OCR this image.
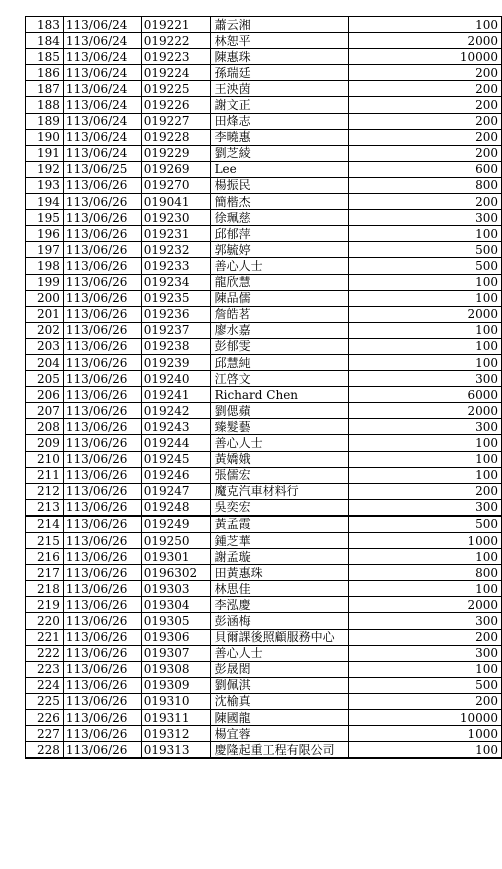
183	113/06/24	019221	蕭云湘	100
184	113/06/24	019222	林恕平	2000
185	113/06/24	019223	陳惠珠	10000
186	113/06/24	019224	孫瑞廷	200
187	113/06/24	019225	王泱茵	200
188	113/06/24	019226	謝文正	200
189	113/06/24	019227	田烽志	200
190	113/06/24	019228	李曉惠	200
191	113/06/24	019229	劉芝綾	200
192	113/06/25	019269	Lee	600
193	113/06/26	019270	楊振民	800
194	113/06/26	019041	簡楷杰	200
195	113/06/26	019230	徐珮慈	300
196	113/06/26	019231	邱郁萍	100
197	113/06/26	019232	郭毓婷	500
198	113/06/26	019233	善心人士	500
199	113/06/26	019234	龍欣慧	100
200	113/06/26	019235	陳品儒	100
201	113/06/26	019236	詹皓茗	2000
202	113/06/26	019237	廖水嘉	100
203	113/06/26	019238	彭郁雯	100
204	113/06/26	019239	邱慧純	100
205	113/06/26	019240	江啓文	300
206	113/06/26	019241	Richard Chen	6000
207	113/06/26	019242	劉偲蘋	2000
208	113/06/26	019243	臻髮藝	300
209	113/06/26	019244	善心人士	100
210	113/06/26	019245	黃嬌娥	100
211	113/06/26	019246	張儒宏	100
212	113/06/26	019247	魔克汽車材料行	200
213	113/06/26	019248	吳奕宏	300
214	113/06/26	019249	黃孟霞	500
215	113/06/26	019250	鍾芝華	1000
216	113/06/26	019301	謝孟璇	100
217	113/06/26	0196302	田黃惠珠	800
218	113/06/26	019303	林思佳	100
219	113/06/26	019304	李泓慶	2000
220	113/06/26	019305	彭涵梅	300
221	113/06/26	019306	貝爾課後照顧服務中心	200
222	113/06/26	019307	善心人士	300
223	113/06/26	019308	彭晟閎	100
224	113/06/26	019309	劉佩淇	500
225	113/06/26	019310	沈榆真	200
226	113/06/26	019311	陳國龍	10000
227	113/06/26	019312	楊宜蓉	1000
228	113/06/26	019313	慶隆起重工程有限公司	100
